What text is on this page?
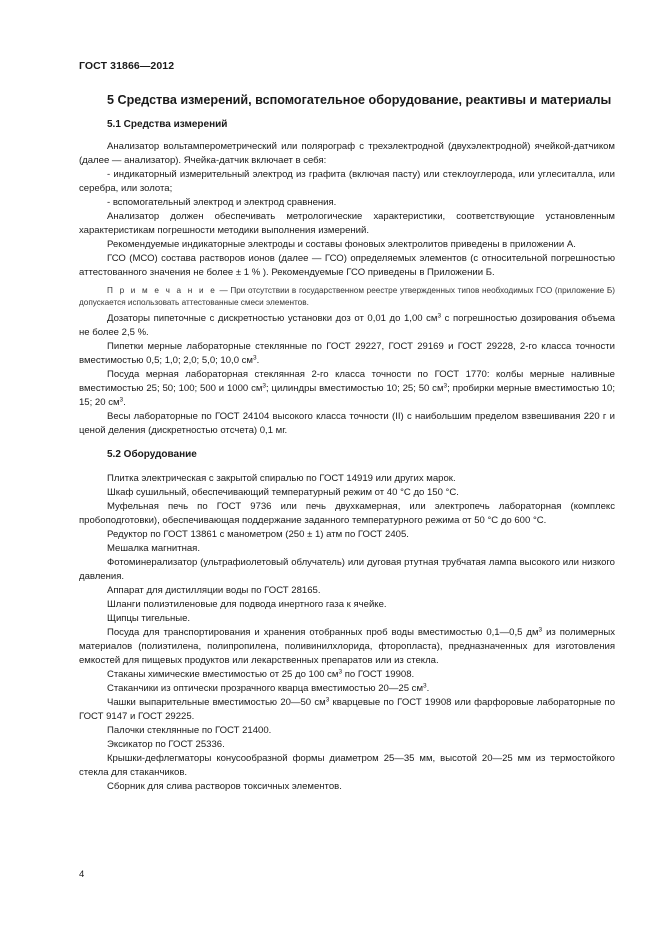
ГОСТ 31866—2012
5 Средства измерений, вспомогательное оборудование, реактивы и материалы
5.1 Средства измерений

Анализатор вольтамперометрический или полярограф с трехэлектродной (двухэлектродной) ячейкой-датчиком (далее — анализатор). Ячейка-датчик включает в себя:

- индикаторный измерительный электрод из графита (включая пасту) или стеклоуглерода, или углеситалла, или серебра, или золота;

- вспомогательный электрод и электрод сравнения.

Анализатор должен обеспечивать метрологические характеристики, соответствующие установленным характеристикам погрешности методики выполнения измерений.

Рекомендуемые индикаторные электроды и составы фоновых электролитов приведены в приложении А.

ГСО (МСО) состава растворов ионов (далее — ГСО) определяемых элементов (с относительной погрешностью аттестованного значения не более ± 1 % ). Рекомендуемые ГСО приведены в Приложении Б.

П р и м е ч а н и е — При отсутствии в государственном реестре утвержденных типов необходимых ГСО (приложение Б) допускается использовать аттестованные смеси элементов.

Дозаторы пипеточные с дискретностью установки доз от 0,01 до 1,00 $см^3$ с погрешностью дозирования объема не более 2,5 %.

Пипетки мерные лабораторные стеклянные по ГОСТ 29227, ГОСТ 29169 и ГОСТ 29228, 2-го класса точности вместимостью 0,5; 1,0; 2,0; 5,0; 10,0 $см^3$.

Посуда мерная лабораторная стеклянная 2-го класса точности по ГОСТ 1770: колбы мерные наливные вместимостью 25; 50; 100; 500 и 1000 $см^3$; цилиндры вместимостью 10; 25; 50 $см^3$; пробирки мерные вместимостью 10; 15; 20 $см^3$.

Весы лабораторные по ГОСТ 24104 высокого класса точности (II) с наибольшим пределом взвешивания 220 г и ценой деления (дискретностью отсчета) 0,1 мг.

5.2 Оборудование

Плитка электрическая с закрытой спиралью по ГОСТ 14919 или других марок.

Шкаф сушильный, обеспечивающий температурный режим от 40 °С до 150 °С.

Муфельная печь по ГОСТ 9736 или печь двухкамерная, или электропечь лабораторная (комплекс пробоподготовки), обеспечивающая поддержание заданного температурного режима от 50 °С до 600 °С.

Редуктор по ГОСТ 13861 с манометром (250 ± 1) атм по ГОСТ 2405.

Мешалка магнитная.

Фотоминерализатор (ультрафиолетовый облучатель) или дуговая ртутная трубчатая лампа высокого или низкого давления.

Аппарат для дистилляции воды по ГОСТ 28165.

Шланги полиэтиленовые для подвода инертного газа к ячейке.

Щипцы тигельные.

Посуда для транспортирования и хранения отобранных проб воды вместимостью 0,1—0,5 $дм^3$ из полимерных материалов (полиэтилена, полипропилена, поливинилхлорида, фторопласта), предназначенных для изготовления емкостей для пищевых продуктов или лекарственных препаратов или из стекла.

Стаканы химические вместимостью от 25 до 100 $см^3$ по ГОСТ 19908.

Стаканчики из оптически прозрачного кварца вместимостью 20—25 $см^3$.

Чашки выпарительные вместимостью 20—50 $см^3$ кварцевые по ГОСТ 19908 или фарфоровые лабораторные по ГОСТ 9147 и ГОСТ 29225.

Палочки стеклянные по ГОСТ 21400.

Эксикатор по ГОСТ 25336.

Крышки-дефлегматоры конусообразной формы диаметром 25—35 мм, высотой 20—25 мм из термостойкого стекла для стаканчиков.

Сборник для слива растворов токсичных элементов.

4
